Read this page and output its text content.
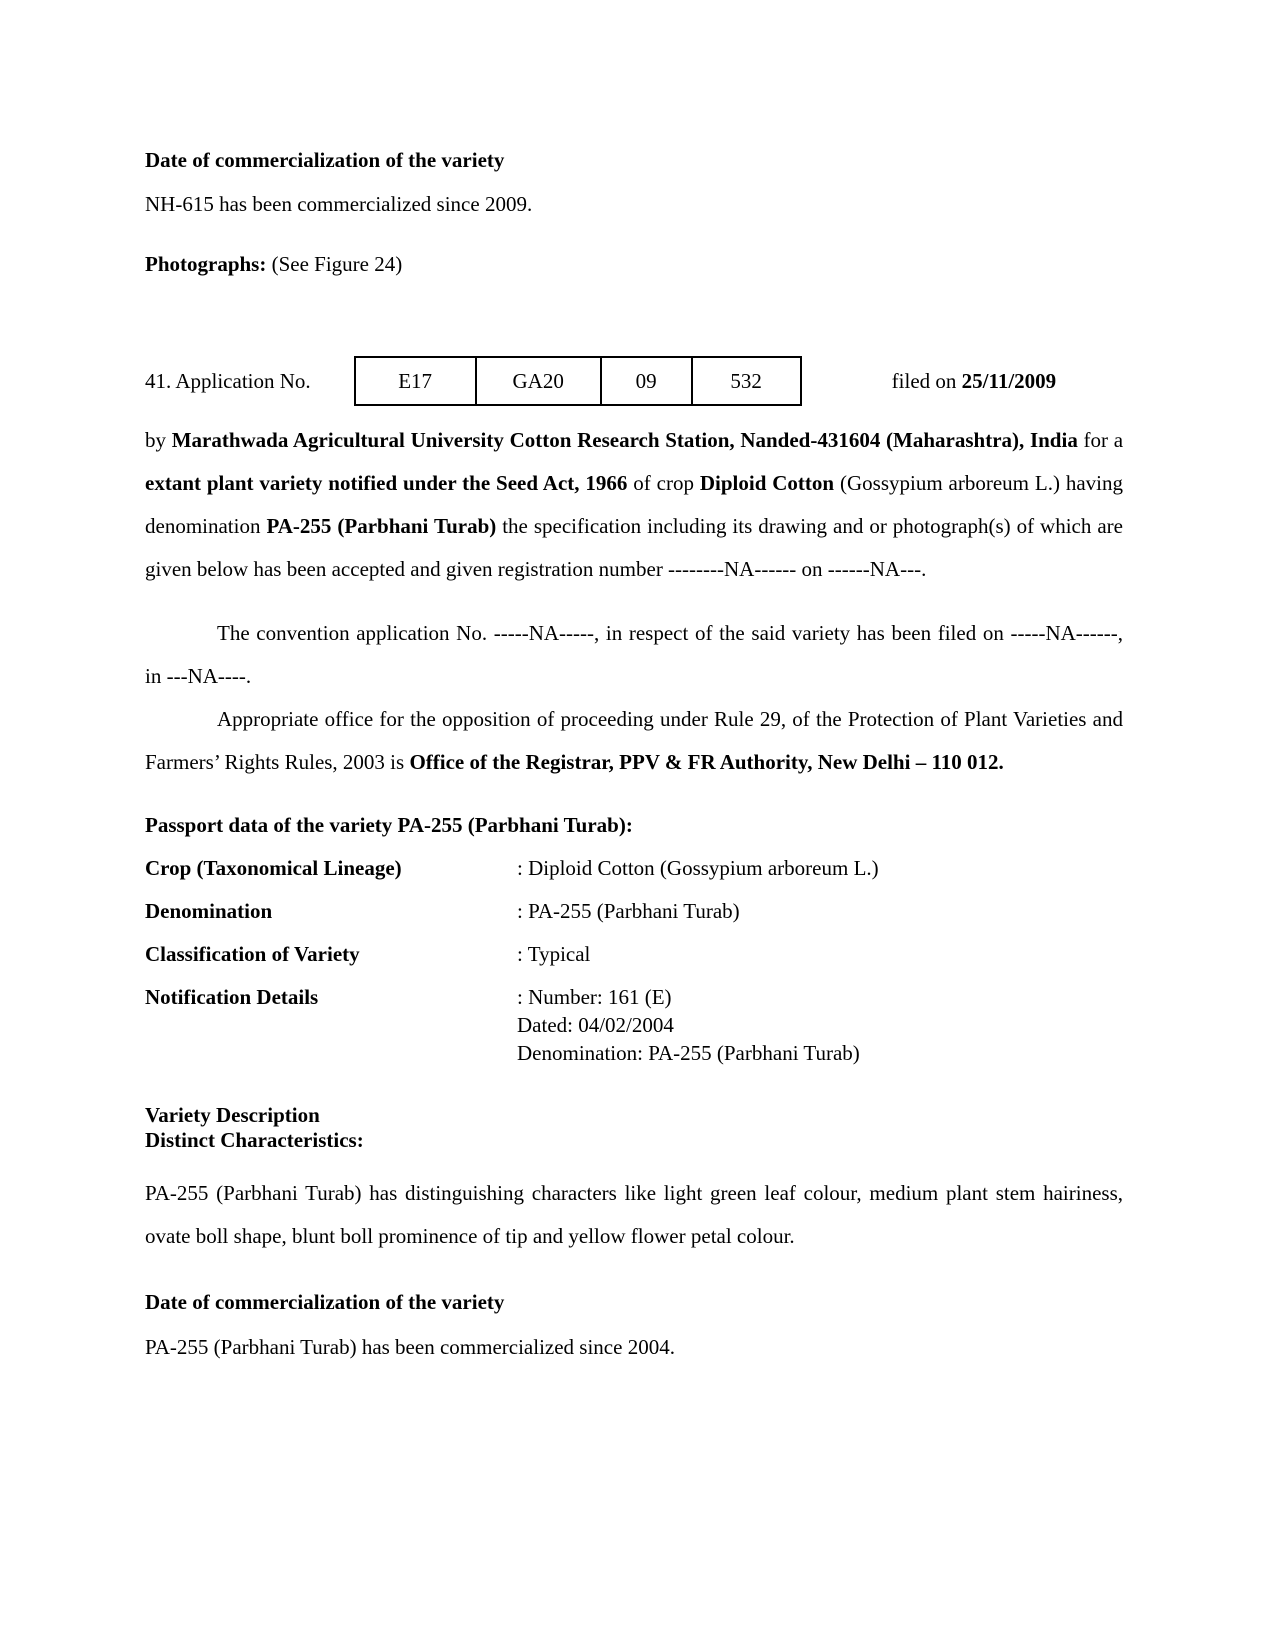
Date of commercialization of the variety

NH-615 has been commercialized since 2009.

Photographs: (See Figure 24)

41. Application No.	E17	GA20	09	532	filed on 25/11/2009

by Marathwada Agricultural University Cotton Research Station, Nanded-431604 (Maharashtra), India for a extant plant variety notified under the Seed Act, 1966 of crop Diploid Cotton (Gossypium arboreum L.) having denomination PA-255 (Parbhani Turab) the specification including its drawing and or photograph(s) of which are given below has been accepted and given registration number --------NA------ on ------NA---.

The convention application No. -----NA-----, in respect of the said variety has been filed on -----NA------, in ---NA----.

Appropriate office for the opposition of proceeding under Rule 29, of the Protection of Plant Varieties and Farmers’ Rights Rules, 2003 is Office of the Registrar, PPV & FR Authority, New Delhi – 110 012.

Passport data of the variety PA-255 (Parbhani Turab):

Crop (Taxonomical Lineage)	: Diploid Cotton (Gossypium arboreum L.)
Denomination	: PA-255 (Parbhani Turab)
Classification of Variety	: Typical
Notification Details	: Number: 161 (E)
Dated: 04/02/2004
Denomination: PA-255 (Parbhani Turab)

Variety Description

Distinct Characteristics:

PA-255 (Parbhani Turab) has distinguishing characters like light green leaf colour, medium plant stem hairiness, ovate boll shape, blunt boll prominence of tip and yellow flower petal colour.

Date of commercialization of the variety

PA-255 (Parbhani Turab) has been commercialized since 2004.
